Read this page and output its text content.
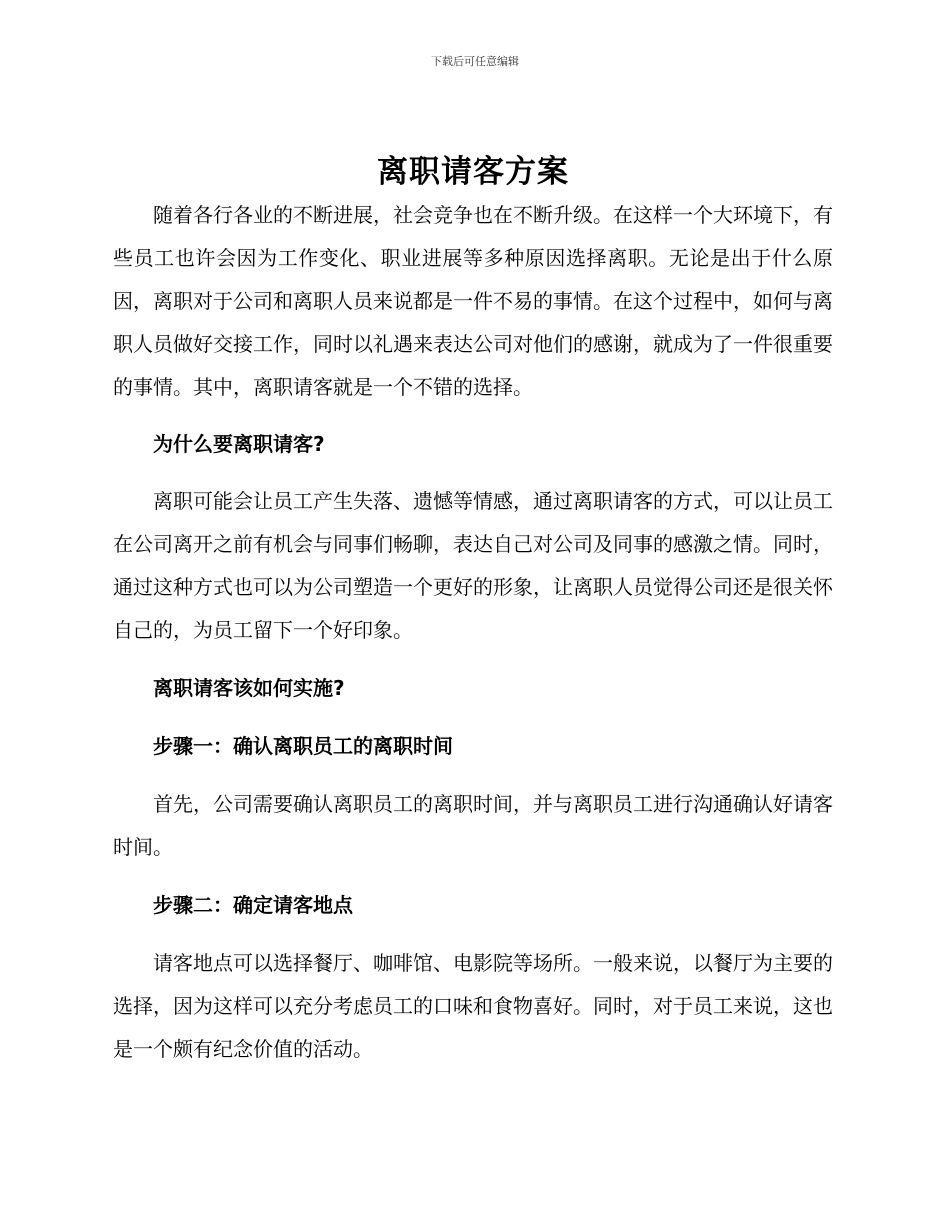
下载后可任意编辑
离职请客方案

随着各行各业的不断进展，社会竞争也在不断升级。在这样一个大环境下，有些员工也许会因为工作变化、职业进展等多种原因选择离职。无论是出于什么原因，离职对于公司和离职人员来说都是一件不易的事情。在这个过程中，如何与离职人员做好交接工作，同时以礼遇来表达公司对他们的感谢，就成为了一件很重要的事情。其中，离职请客就是一个不错的选择。

为什么要离职请客?

离职可能会让员工产生失落、遗憾等情感，通过离职请客的方式，可以让员工在公司离开之前有机会与同事们畅聊，表达自己对公司及同事的感激之情。同时，通过这种方式也可以为公司塑造一个更好的形象，让离职人员觉得公司还是很关怀自己的，为员工留下一个好印象。

离职请客该如何实施?

步骤一：确认离职员工的离职时间

首先，公司需要确认离职员工的离职时间，并与离职员工进行沟通确认好请客时间。

步骤二：确定请客地点

请客地点可以选择餐厅、咖啡馆、电影院等场所。一般来说，以餐厅为主要的选择，因为这样可以充分考虑员工的口味和食物喜好。同时，对于员工来说，这也是一个颇有纪念价值的活动。
